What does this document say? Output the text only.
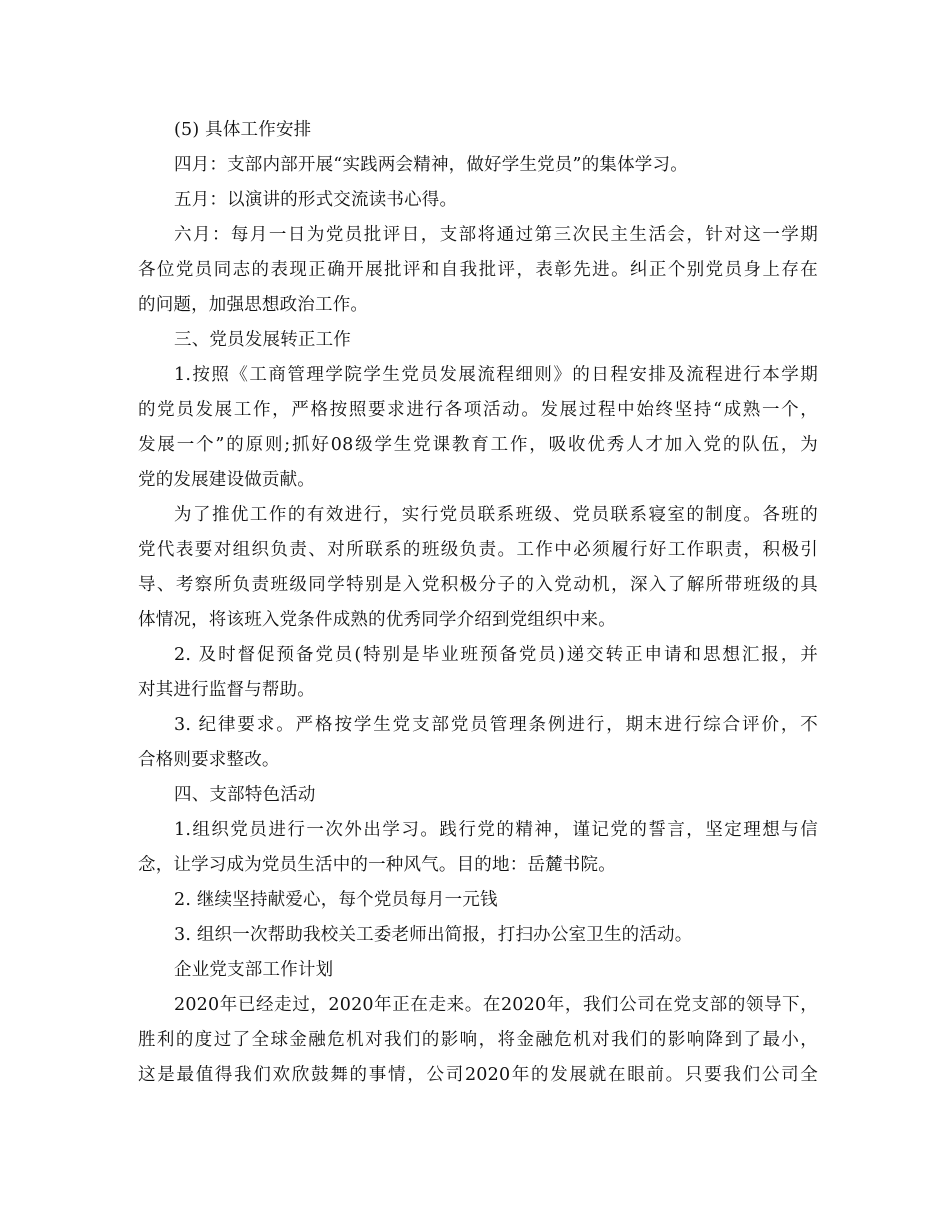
(5) 具体工作安排
四月：支部内部开展“实践两会精神，做好学生党员”的集体学习。
五月：以演讲的形式交流读书心得。
六月：每月一日为党员批评日，支部将通过第三次民主生活会，针对这一学期
各位党员同志的表现正确开展批评和自我批评，表彰先进。纠正个别党员身上存在
的问题，加强思想政治工作。
三、党员发展转正工作
1.按照《工商管理学院学生党员发展流程细则》的日程安排及流程进行本学期
的党员发展工作，严格按照要求进行各项活动。发展过程中始终坚持“成熟一个，
发展一个”的原则;抓好08级学生党课教育工作，吸收优秀人才加入党的队伍，为
党的发展建设做贡献。
为了推优工作的有效进行，实行党员联系班级、党员联系寝室的制度。各班的
党代表要对组织负责、对所联系的班级负责。工作中必须履行好工作职责，积极引
导、考察所负责班级同学特别是入党积极分子的入党动机，深入了解所带班级的具
体情况，将该班入党条件成熟的优秀同学介绍到党组织中来。
2. 及时督促预备党员(特别是毕业班预备党员)递交转正申请和思想汇报，并
对其进行监督与帮助。
3. 纪律要求。严格按学生党支部党员管理条例进行，期末进行综合评价，不
合格则要求整改。
四、支部特色活动
1.组织党员进行一次外出学习。践行党的精神，谨记党的誓言，坚定理想与信
念，让学习成为党员生活中的一种风气。目的地：岳麓书院。
2. 继续坚持献爱心，每个党员每月一元钱
3. 组织一次帮助我校关工委老师出简报，打扫办公室卫生的活动。
企业党支部工作计划
2020年已经走过，2020年正在走来。在2020年，我们公司在党支部的领导下，
胜利的度过了全球金融危机对我们的影响，将金融危机对我们的影响降到了最小，
这是最值得我们欢欣鼓舞的事情，公司2020年的发展就在眼前。只要我们公司全
